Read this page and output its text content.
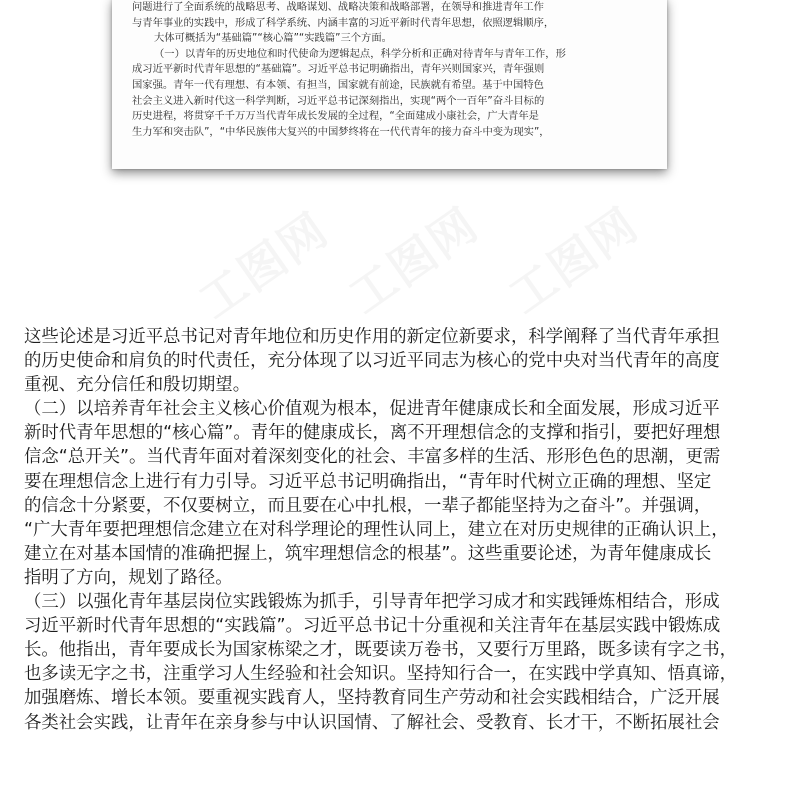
问题进行了全面系统的战略思考、战略谋划、战略决策和战略部署，在领导和推进青年工作

与青年事业的实践中，形成了科学系统、内涵丰富的习近平新时代青年思想，依照逻辑顺序，

大体可概括为“基础篇”“核心篇”“实践篇”三个方面。

（一）以青年的历史地位和时代使命为逻辑起点，科学分析和正确对待青年与青年工作，形

成习近平新时代青年思想的“基础篇”。习近平总书记明确指出，青年兴则国家兴，青年强则

国家强。青年一代有理想、有本领、有担当，国家就有前途，民族就有希望。基于中国特色

社会主义进入新时代这一科学判断，习近平总书记深刻指出，实现“两个一百年”奋斗目标的

历史进程，将贯穿千千万万当代青年成长发展的全过程，“全面建成小康社会，广大青年是

生力军和突击队”，“中华民族伟大复兴的中国梦终将在一代代青年的接力奋斗中变为现实”，

工图网 工图网 工图网

这些论述是习近平总书记对青年地位和历史作用的新定位新要求，科学阐释了当代青年承担

的历史使命和肩负的时代责任，充分体现了以习近平同志为核心的党中央对当代青年的高度

重视、充分信任和殷切期望。

（二）以培养青年社会主义核心价值观为根本，促进青年健康成长和全面发展，形成习近平

新时代青年思想的“核心篇”。青年的健康成长，离不开理想信念的支撑和指引，要把好理想

信念“总开关”。当代青年面对着深刻变化的社会、丰富多样的生活、形形色色的思潮，更需

要在理想信念上进行有力引导。习近平总书记明确指出，“青年时代树立正确的理想、坚定

的信念十分紧要，不仅要树立，而且要在心中扎根，一辈子都能坚持为之奋斗”。并强调，

“广大青年要把理想信念建立在对科学理论的理性认同上，建立在对历史规律的正确认识上，

建立在对基本国情的准确把握上，筑牢理想信念的根基”。这些重要论述，为青年健康成长

指明了方向，规划了路径。

（三）以强化青年基层岗位实践锻炼为抓手，引导青年把学习成才和实践锤炼相结合，形成

习近平新时代青年思想的“实践篇”。习近平总书记十分重视和关注青年在基层实践中锻炼成

长。他指出，青年要成长为国家栋梁之才，既要读万卷书，又要行万里路，既多读有字之书，

也多读无字之书，注重学习人生经验和社会知识。坚持知行合一，在实践中学真知、悟真谛，

加强磨炼、增长本领。要重视实践育人，坚持教育同生产劳动和社会实践相结合，广泛开展

各类社会实践，让青年在亲身参与中认识国情、了解社会、受教育、长才干，不断拓展社会
